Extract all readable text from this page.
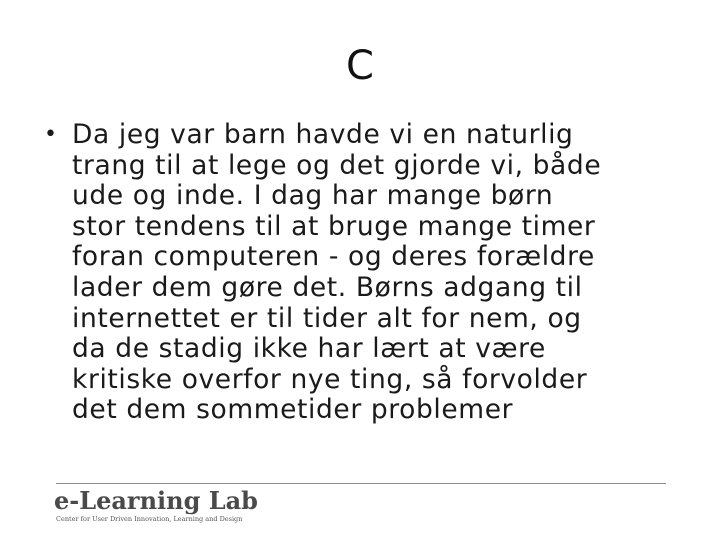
C
• Da jeg var barn havde vi en naturlig
trang til at lege og det gjorde vi, både
ude og inde. I dag har mange børn
stor tendens til at bruge mange timer
foran computeren - og deres forældre
lader dem gøre det. Børns adgang til
internettet er til tider alt for nem, og
da de stadig ikke har lært at være
kritiske overfor nye ting, så forvolder
det dem sommetider problemer
e-Learning Lab
Center for User Driven Innovation, Learning and Design
